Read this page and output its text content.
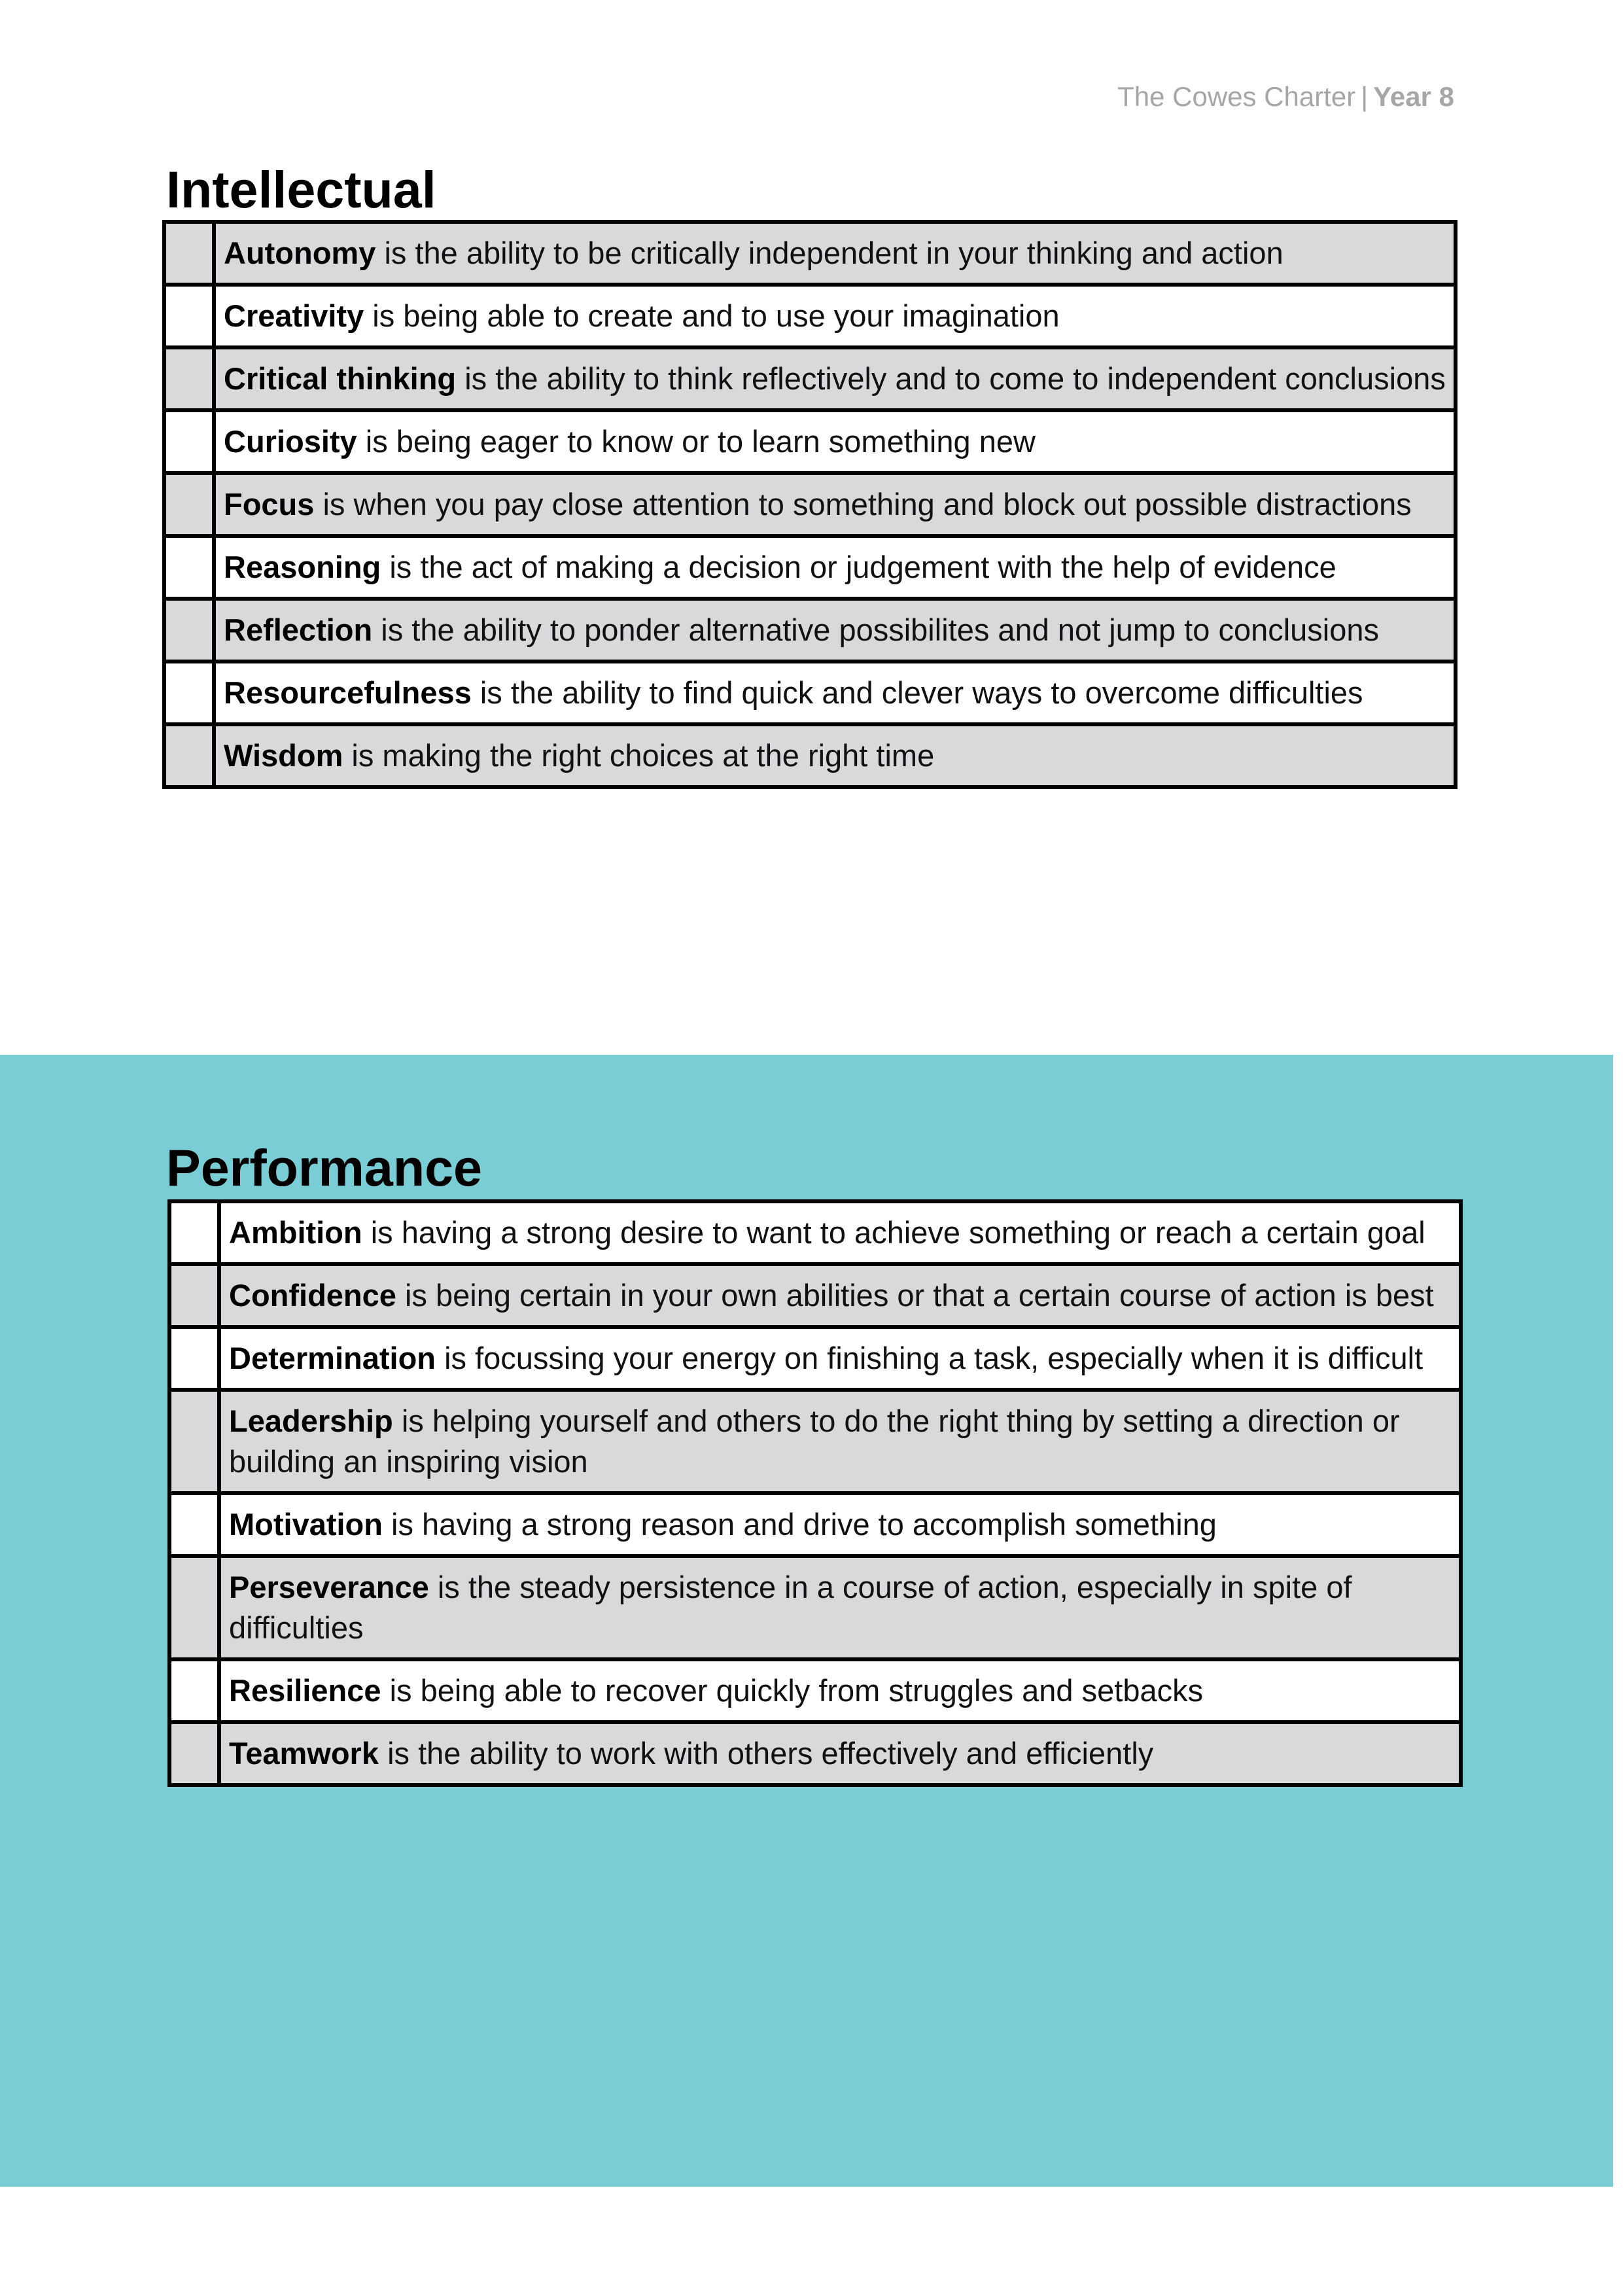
The Cowes Charter | Year 8
Intellectual
	Autonomy is the ability to be critically independent in your thinking and action
	Creativity is being able to create and to use your imagination
	Critical thinking is the ability to think reflectively and to come to independent conclusions
	Curiosity is being eager to know or to learn something new
	Focus is when you pay close attention to something and block out possible distractions
	Reasoning is the act of making a decision or judgement with the help of evidence
	Reflection is the ability to ponder alternative possibilites and not jump to conclusions
	Resourcefulness is the ability to find quick and clever ways to overcome difficulties
	Wisdom is making the right choices at the right time
Performance
	Ambition is having a strong desire to want to achieve something or reach a certain goal
	Confidence is being certain in your own abilities or that a certain course of action is best
	Determination is focussing your energy on finishing a task, especially when it is difficult
	Leadership is helping yourself and others to do the right thing by setting a direction or building an inspiring vision
	Motivation is having a strong reason and drive to accomplish something
	Perseverance is the steady persistence in a course of action, especially in spite of difficulties
	Resilience is being able to recover quickly from struggles and setbacks
	Teamwork is the ability to work with others effectively and efficiently
